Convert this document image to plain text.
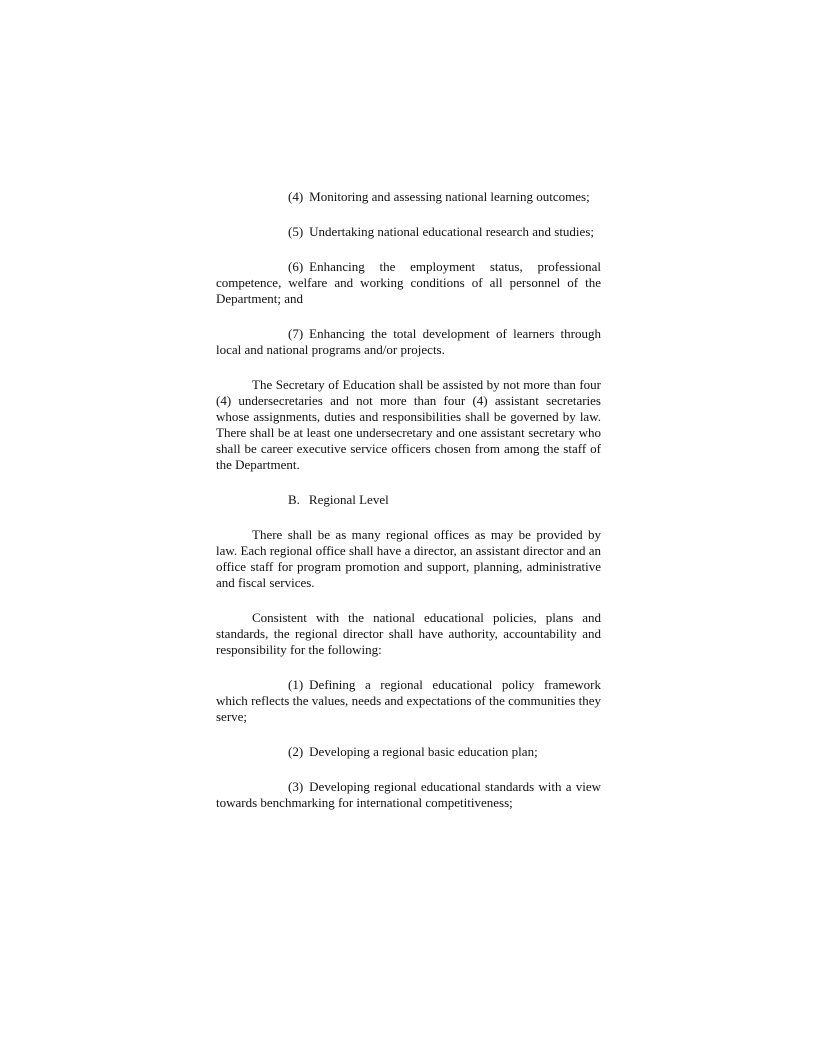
(4) Monitoring and assessing national learning outcomes;

(5) Undertaking national educational research and studies;

(6) Enhancing the employment status, professional competence, welfare and working conditions of all personnel of the Department; and

(7) Enhancing the total development of learners through local and national programs and/or projects.

The Secretary of Education shall be assisted by not more than four (4) undersecretaries and not more than four (4) assistant secretaries whose assignments, duties and responsibilities shall be governed by law. There shall be at least one undersecretary and one assistant secretary who shall be career executive service officers chosen from among the staff of the Department.

B. Regional Level

There shall be as many regional offices as may be provided by law. Each regional office shall have a director, an assistant director and an office staff for program promotion and support, planning, administrative and fiscal services.

Consistent with the national educational policies, plans and standards, the regional director shall have authority, accountability and responsibility for the following:

(1) Defining a regional educational policy framework which reflects the values, needs and expectations of the communities they serve;

(2) Developing a regional basic education plan;

(3) Developing regional educational standards with a view towards benchmarking for international competitiveness;
